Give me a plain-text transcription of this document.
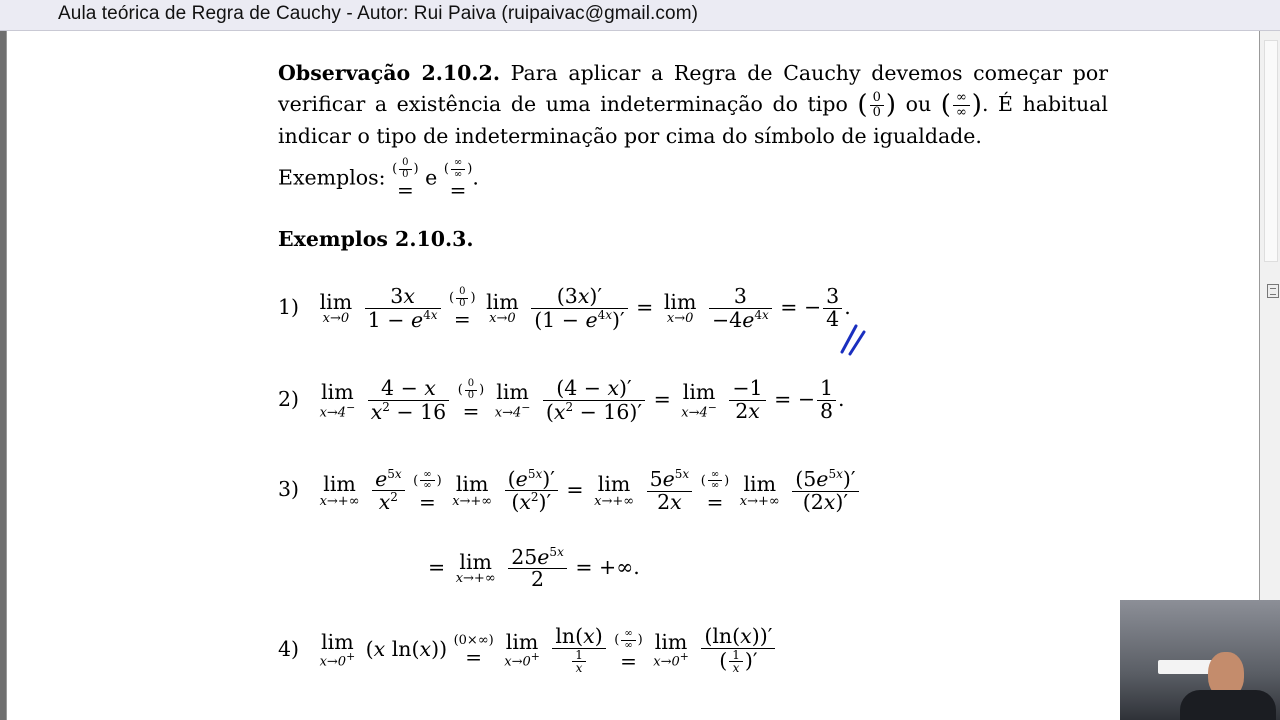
Aula teórica de Regra de Cauchy - Autor: Rui Paiva (ruipaivac@gmail.com)

Observação 2.10.2. Para aplicar a Regra de Cauchy devemos começar por verificar a existência de uma indeterminação do tipo ( $\frac{0}{0}$ ) ou ( $\frac{\infty}{\infty}$ ). É habitual indicar o tipo de indeterminação por cima do símbolo de igualdade.

Exemplos: ( $\frac{0}{0}$ )
=
e ( $\frac{\infty}{\infty}$ )
=
.
Exemplos 2.10.3.
1) lim
x→0
$\frac{3x}{1 - e^{4x}}$
( $\frac{0}{0}$ )
=

lim
x→0
$\frac{(3x)'}{(1 - e^{4x})'} = \lim$
x→0
$\frac{3}{-4e^{4x}}$ = − $\frac{3}{4}$ .
2) lim
x→4−
$\frac{4 - x}{x^2 - 16}$
( $\frac{0}{0}$ )
=

lim
x→4−
$\frac{(4 - x)'}{(x^2 - 16)'} = \lim$
x→4−
$\frac{-1}{2x}$ = − $\frac{1}{8}$ .
3) lim
x→+∞
$\frac{e^{5x}}{x^2}$
( $\frac{\infty}{\infty}$ )
=

lim
x→+∞
$\frac{(e^{5x})'}{(x^2)'} = \lim$
x→+∞
$\frac{5e^{5x}}{2x}$
( $\frac{\infty}{\infty}$ )
=

lim
x→+∞
$\frac{(5e^{5x})'}{(2x)'}$
= lim
x→+∞
$\frac{25e^{5x}}{2}$ = +∞.
4) lim
x→0+ (x ln(x)) (0×∞)
=

lim
x→0+
$\frac{\ln(x)}{\frac{1}{x}}$
( $\frac{\infty}{\infty}$ )
=

lim
x→0+
$\frac{(\ln(x))'}{( \frac{1}{x} )'}$
